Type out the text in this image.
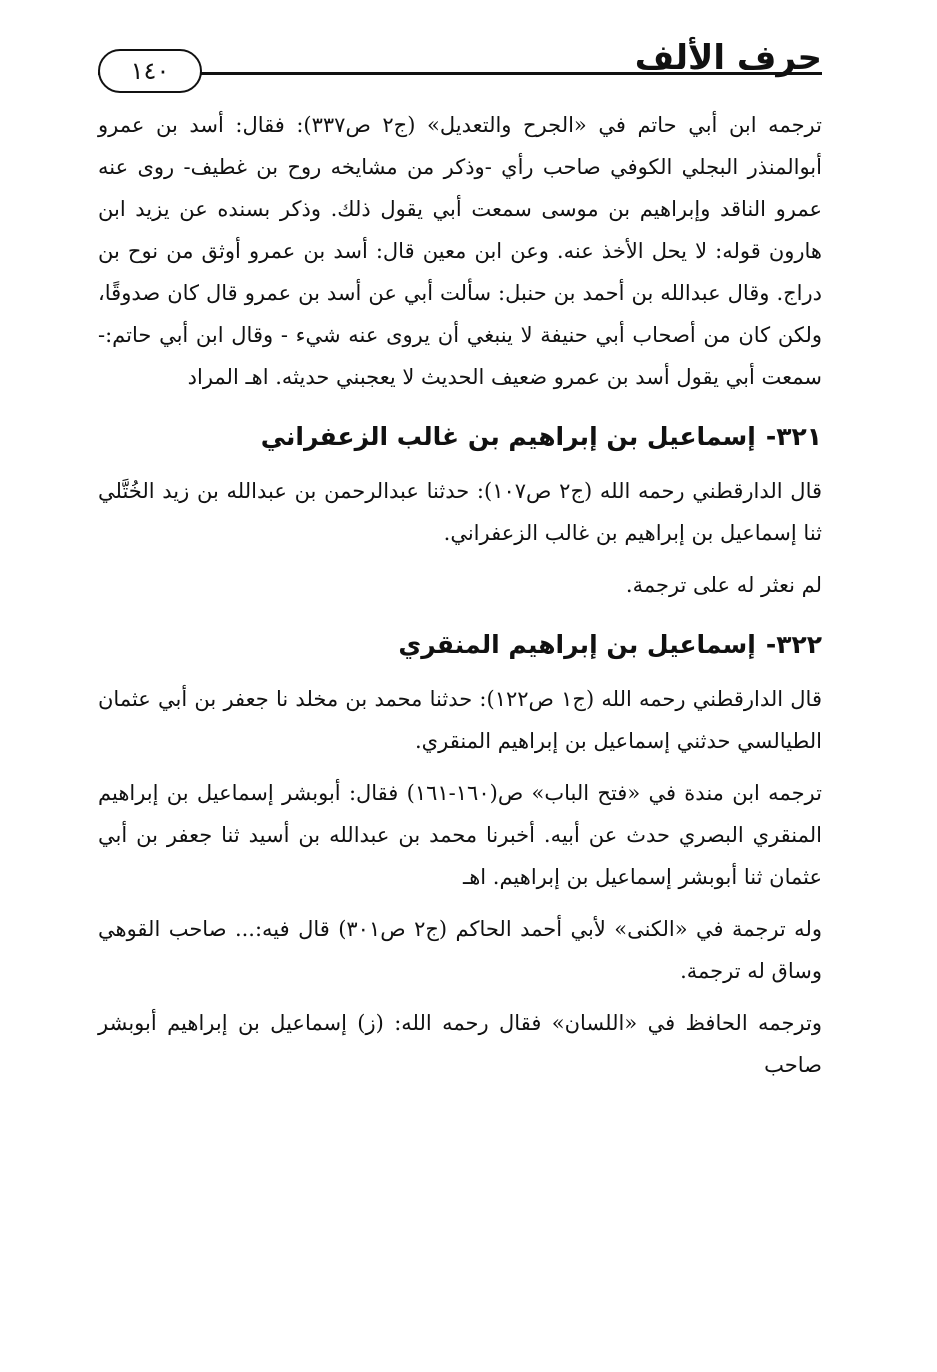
حرف الألف
١٤٠

ترجمه ابن أبي حاتم في «الجرح والتعديل» (ج٢ ص٣٣٧): فقال: أسد بن عمرو أبوالمنذر البجلي الكوفي صاحب رأي -وذكر من مشايخه روح بن غطيف- روى عنه عمرو الناقد وإبراهيم بن موسى سمعت أبي يقول ذلك. وذكر بسنده عن يزيد ابن هارون قوله: لا يحل الأخذ عنه. وعن ابن معين قال: أسد بن عمرو أوثق من نوح بن دراج. وقال عبدالله بن أحمد بن حنبل: سألت أبي عن أسد بن عمرو قال كان صدوقًا، ولكن كان من أصحاب أبي حنيفة لا ينبغي أن يروى عنه شيء - وقال ابن أبي حاتم:- سمعت أبي يقول أسد بن عمرو ضعيف الحديث لا يعجبني حديثه. اهـ المراد

٣٢١-إسماعيل بن إبراهيم بن غالب الزعفراني

قال الدارقطني رحمه الله (ج٢ ص١٠٧): حدثنا عبدالرحمن بن عبدالله بن زيد الخُتَّلي ثنا إسماعيل بن إبراهيم بن غالب الزعفراني.

لم نعثر له على ترجمة.

٣٢٢-إسماعيل بن إبراهيم المنقري

قال الدارقطني رحمه الله (ج١ ص١٢٢): حدثنا محمد بن مخلد نا جعفر بن أبي عثمان الطيالسي حدثني إسماعيل بن إبراهيم المنقري.

ترجمه ابن مندة في «فتح الباب» ص(١٦٠-١٦١) فقال: أبوبشر إسماعيل بن إبراهيم المنقري البصري حدث عن أبيه. أخبرنا محمد بن عبدالله بن أسيد ثنا جعفر بن أبي عثمان ثنا أبوبشر إسماعيل بن إبراهيم. اهـ

وله ترجمة في «الكنى» لأبي أحمد الحاكم (ج٢ ص٣٠١) قال فيه:... صاحب القوهي وساق له ترجمة.

وترجمه الحافظ في «اللسان» فقال رحمه الله: (ز) إسماعيل بن إبراهيم أبوبشر صاحب
